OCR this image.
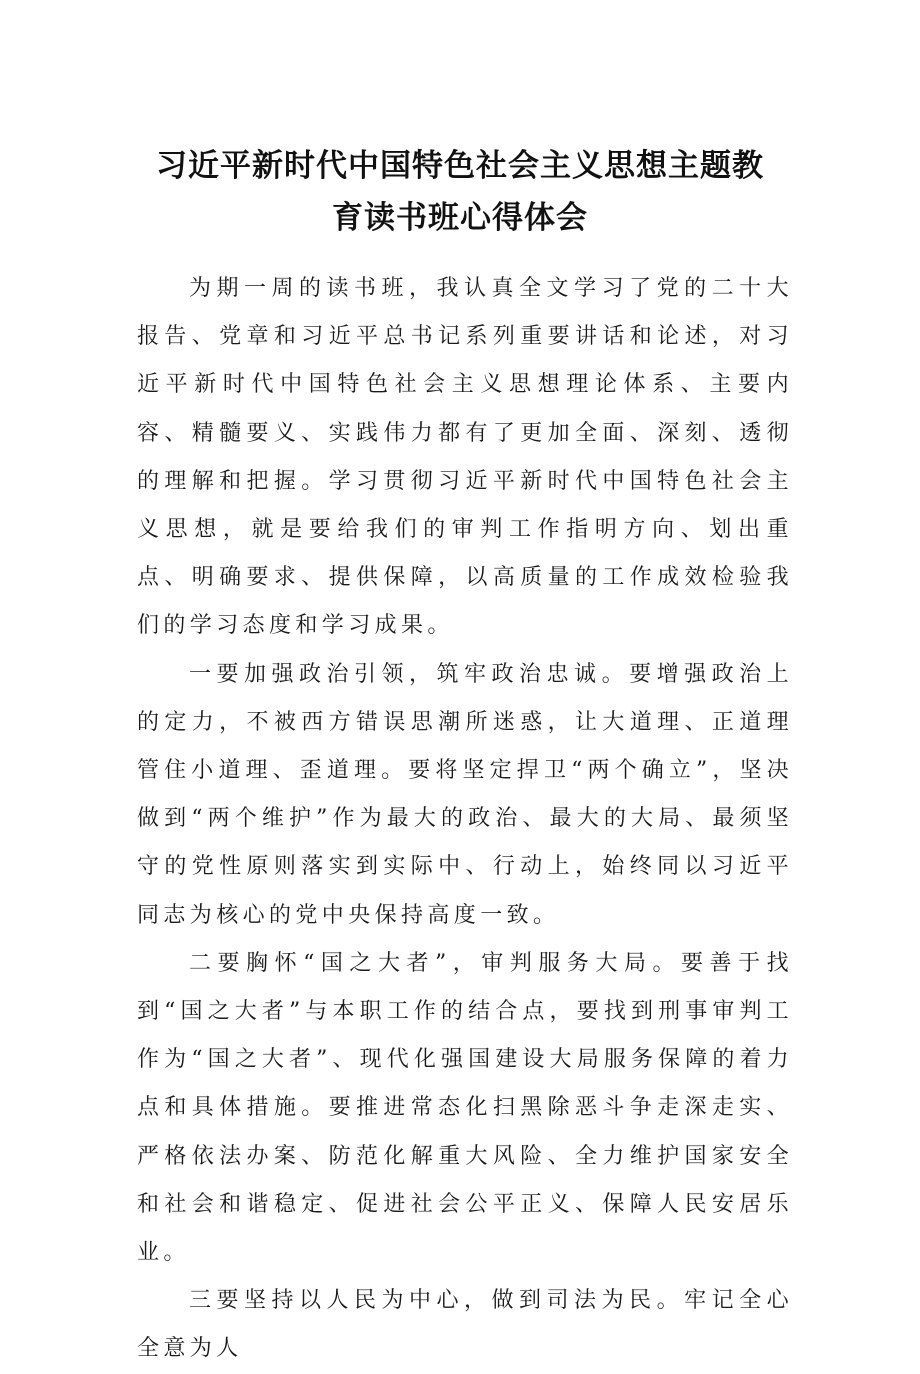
习近平新时代中国特色社会主义思想主题教
育读书班心得体会

为期一周的读书班，我认真全文学习了党的二十大报告、党章和习近平总书记系列重要讲话和论述，对习近平新时代中国特色社会主义思想理论体系、主要内容、精髓要义、实践伟力都有了更加全面、深刻、透彻的理解和把握。学习贯彻习近平新时代中国特色社会主义思想，就是要给我们的审判工作指明方向、划出重点、明确要求、提供保障，以高质量的工作成效检验我们的学习态度和学习成果。

一要加强政治引领，筑牢政治忠诚。要增强政治上的定力，不被西方错误思潮所迷惑，让大道理、正道理管住小道理、歪道理。要将坚定捍卫“两个确立”，坚决做到“两个维护”作为最大的政治、最大的大局、最须坚守的党性原则落实到实际中、行动上，始终同以习近平同志为核心的党中央保持高度一致。

二要胸怀“国之大者”，审判服务大局。要善于找到“国之大者”与本职工作的结合点，要找到刑事审判工作为“国之大者”、现代化强国建设大局服务保障的着力点和具体措施。要推进常态化扫黑除恶斗争走深走实、严格依法办案、防范化解重大风险、全力维护国家安全和社会和谐稳定、促进社会公平正义、保障人民安居乐业。

三要坚持以人民为中心，做到司法为民。牢记全心全意为人
